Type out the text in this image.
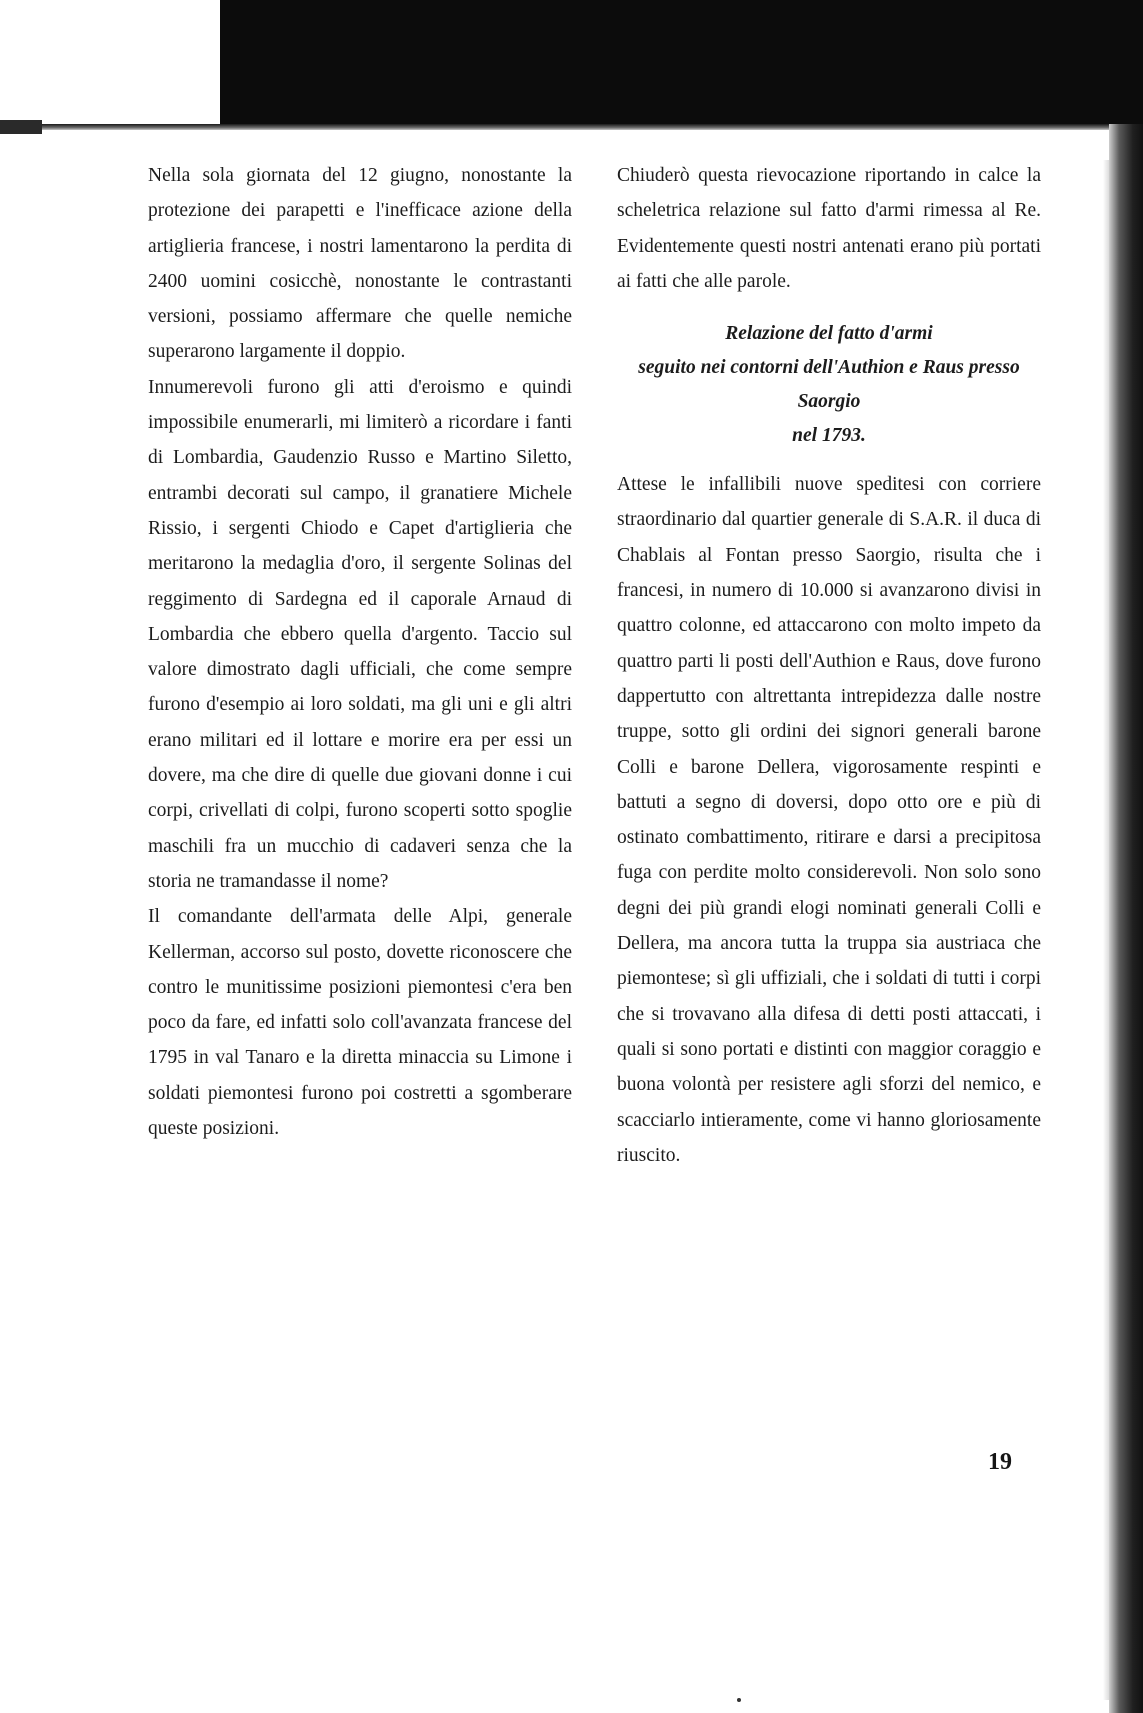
Nella sola giornata del 12 giugno, nonostante la protezione dei parapetti e l'inefficace azione della artiglieria francese, i nostri lamentarono la perdita di 2400 uomini cosicchè, nonostante le contrastanti versioni, possiamo affermare che quelle nemiche superarono largamente il doppio.

Innumerevoli furono gli atti d'eroismo e quindi impossibile enumerarli, mi limiterò a ricordare i fanti di Lombardia, Gaudenzio Russo e Martino Siletto, entrambi decorati sul campo, il granatiere Michele Rissio, i sergenti Chiodo e Capet d'artiglieria che meritarono la medaglia d'oro, il sergente Solinas del reggimento di Sardegna ed il caporale Arnaud di Lombardia che ebbero quella d'argento. Taccio sul valore dimostrato dagli ufficiali, che come sempre furono d'esempio ai loro soldati, ma gli uni e gli altri erano militari ed il lottare e morire era per essi un dovere, ma che dire di quelle due giovani donne i cui corpi, crivellati di colpi, furono scoperti sotto spoglie maschili fra un mucchio di cadaveri senza che la storia ne tramandasse il nome?

Il comandante dell'armata delle Alpi, generale Kellerman, accorso sul posto, dovette riconoscere che contro le munitissime posizioni piemontesi c'era ben poco da fare, ed infatti solo coll'avanzata francese del 1795 in val Tanaro e la diretta minaccia su Limone i soldati piemontesi furono poi costretti a sgomberare queste posizioni.

Chiuderò questa rievocazione riportando in calce la scheletrica relazione sul fatto d'armi rimessa al Re. Evidentemente questi nostri antenati erano più portati ai fatti che alle parole.

Relazione del fatto d'armi
seguito nei contorni dell'Authion e Raus presso Saorgio
nel 1793.

Attese le infallibili nuove speditesi con corriere straordinario dal quartier generale di S.A.R. il duca di Chablais al Fontan presso Saorgio, risulta che i francesi, in numero di 10.000 si avanzarono divisi in quattro colonne, ed attaccarono con molto impeto da quattro parti li posti dell'Authion e Raus, dove furono dappertutto con altrettanta intrepidezza dalle nostre truppe, sotto gli ordini dei signori generali barone Colli e barone Dellera, vigorosamente respinti e battuti a segno di doversi, dopo otto ore e più di ostinato combattimento, ritirare e darsi a precipitosa fuga con perdite molto considerevoli. Non solo sono degni dei più grandi elogi nominati generali Colli e Dellera, ma ancora tutta la truppa sia austriaca che piemontese; sì gli uffiziali, che i soldati di tutti i corpi che si trovavano alla difesa di detti posti attaccati, i quali si sono portati e distinti con maggior coraggio e buona volontà per resistere agli sforzi del nemico, e scacciarlo intieramente, come vi hanno gloriosamente riuscito.

19
